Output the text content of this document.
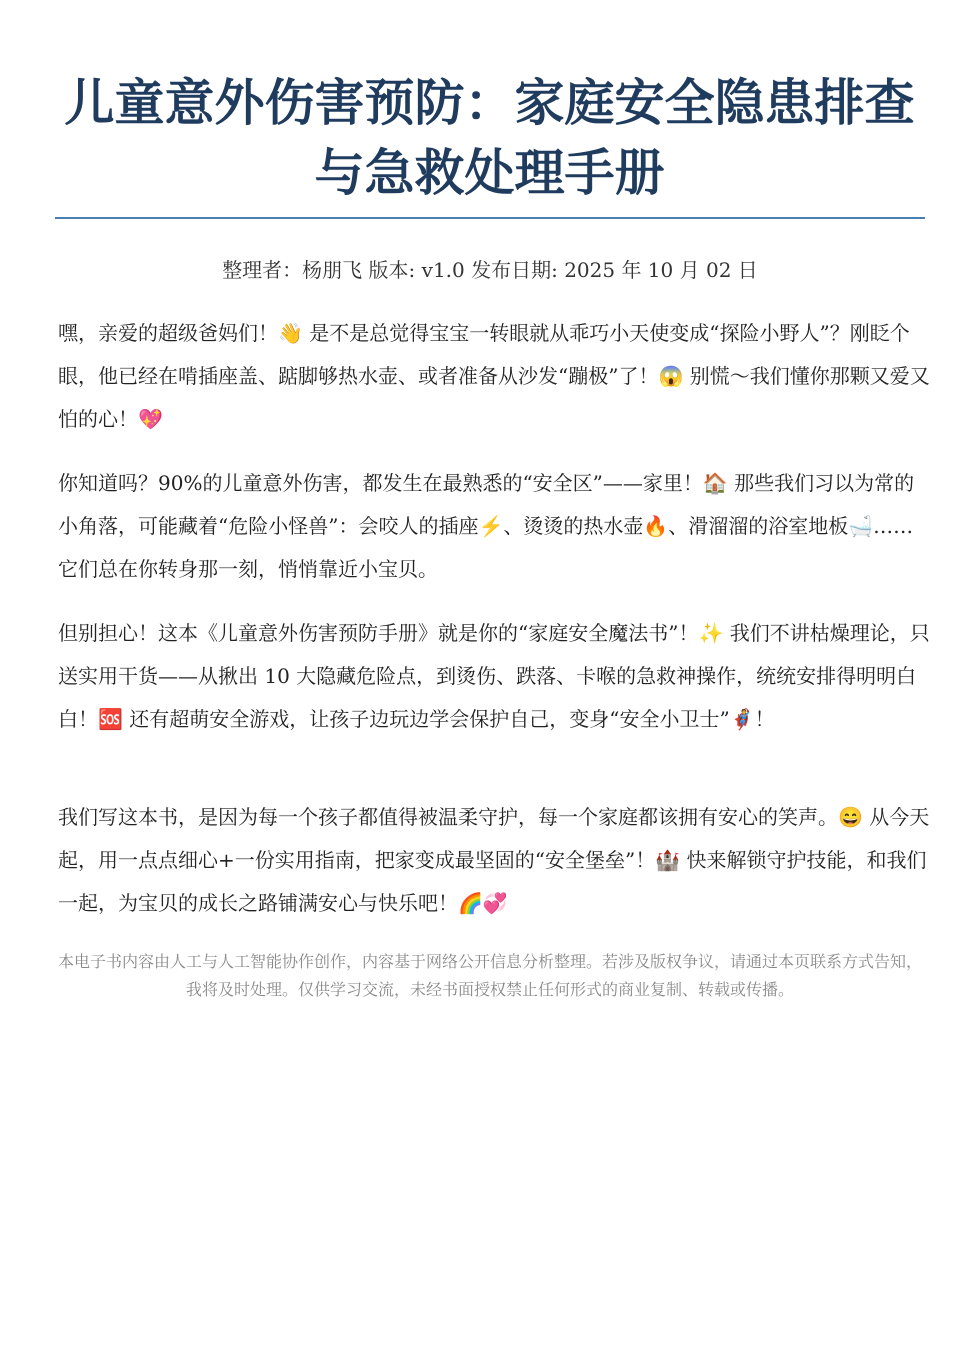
儿童意外伤害预防：家庭安全隐患排查与急救处理手册
整理者：杨朋飞 版本: v1.0 发布日期: 2025 年 10 月 02 日

嘿，亲爱的超级爸妈们！👋 是不是总觉得宝宝一转眼就从乖巧小天使变成“探险小野人”？刚眨个眼，他已经在啃插座盖、踮脚够热水壶、或者准备从沙发“蹦极”了！😱 别慌～我们懂你那颗又爱又怕的心！💖

你知道吗？90%的儿童意外伤害，都发生在最熟悉的“安全区”——家里！🏠 那些我们习以为常的小角落，可能藏着“危险小怪兽”：会咬人的插座⚡、烫烫的热水壶🔥、滑溜溜的浴室地板🛁……它们总在你转身那一刻，悄悄靠近小宝贝。

但别担心！这本《儿童意外伤害预防手册》就是你的“家庭安全魔法书”！✨ 我们不讲枯燥理论，只送实用干货——从揪出 10 大隐藏危险点，到烫伤、跌落、卡喉的急救神操作，统统安排得明明白白！🆘 还有超萌安全游戏，让孩子边玩边学会保护自己，变身“安全小卫士”🦸！

我们写这本书，是因为每一个孩子都值得被温柔守护，每一个家庭都该拥有安心的笑声。😄 从今天起，用一点点细心+一份实用指南，把家变成最坚固的“安全堡垒”！🏰 快来解锁守护技能，和我们一起，为宝贝的成长之路铺满安心与快乐吧！🌈💞

本电子书内容由人工与人工智能协作创作，内容基于网络公开信息分析整理。若涉及版权争议，请通过本页联系方式告知，我将及时处理。仅供学习交流，未经书面授权禁止任何形式的商业复制、转载或传播。
